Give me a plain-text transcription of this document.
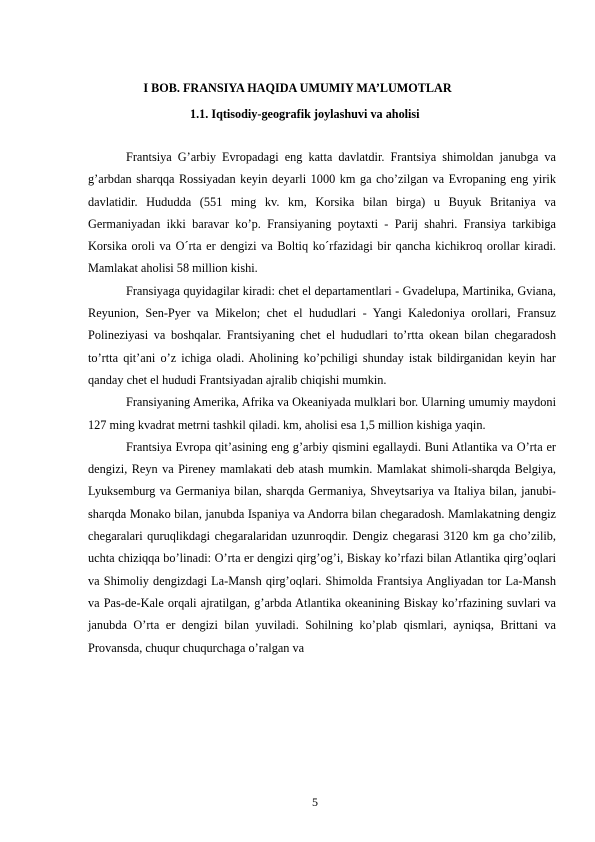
I BOB. FRANSIYA HAQIDA UMUMIY MA’LUMOTLAR
1.1. Iqtisodiy-geografik joylashuvi va aholisi

Frantsiya G’arbiy Evropadagi eng katta davlatdir. Frantsiya shimoldan janubga va g’arbdan sharqqa Rossiyadan keyin deyarli 1000 km ga cho’zilgan va Evropaning eng yirik davlatidir. Hududda (551 ming kv. km, Korsika bilan birga) u Buyuk Britaniya va Germaniyadan ikki baravar ko’p. Fransiyaning poytaxti - Parij shahri. Fransiya tarkibiga Korsika oroli va O´rta er dengizi va Boltiq ko´rfazidagi bir qancha kichikroq orollar kiradi. Mamlakat aholisi 58 million kishi.

Fransiyaga quyidagilar kiradi: chet el departamentlari - Gvadelupa, Martinika, Gviana, Reyunion, Sen-Pyer va Mikelon; chet el hududlari - Yangi Kaledoniya orollari, Fransuz Polineziyasi va boshqalar. Frantsiyaning chet el hududlari to’rtta okean bilan chegaradosh to’rtta qit’ani o’z ichiga oladi. Aholining ko’pchiligi shunday istak bildirganidan keyin har qanday chet el hududi Frantsiyadan ajralib chiqishi mumkin.

Fransiyaning Amerika, Afrika va Okeaniyada mulklari bor. Ularning umumiy maydoni 127 ming kvadrat metrni tashkil qiladi. km, aholisi esa 1,5 million kishiga yaqin.

Frantsiya Evropa qit’asining eng g’arbiy qismini egallaydi. Buni Atlantika va O’rta er dengizi, Reyn va Pireney mamlakati deb atash mumkin. Mamlakat shimoli-sharqda Belgiya, Lyuksemburg va Germaniya bilan, sharqda Germaniya, Shveytsariya va Italiya bilan, janubi-sharqda Monako bilan, janubda Ispaniya va Andorra bilan chegaradosh. Mamlakatning dengiz chegaralari quruqlikdagi chegaralaridan uzunroqdir. Dengiz chegarasi 3120 km ga cho’zilib, uchta chiziqqa bo’linadi: O’rta er dengizi qirg’og’i, Biskay ko’rfazi bilan Atlantika qirg’oqlari va Shimoliy dengizdagi La-Mansh qirg’oqlari. Shimolda Frantsiya Angliyadan tor La-Mansh va Pas-de-Kale orqali ajratilgan, g’arbda Atlantika okeanining Biskay ko’rfazining suvlari va janubda O’rta er dengizi bilan yuviladi. Sohilning ko’plab qismlari, ayniqsa, Brittani va Provansda, chuqur chuqurchaga o’ralgan va

5
